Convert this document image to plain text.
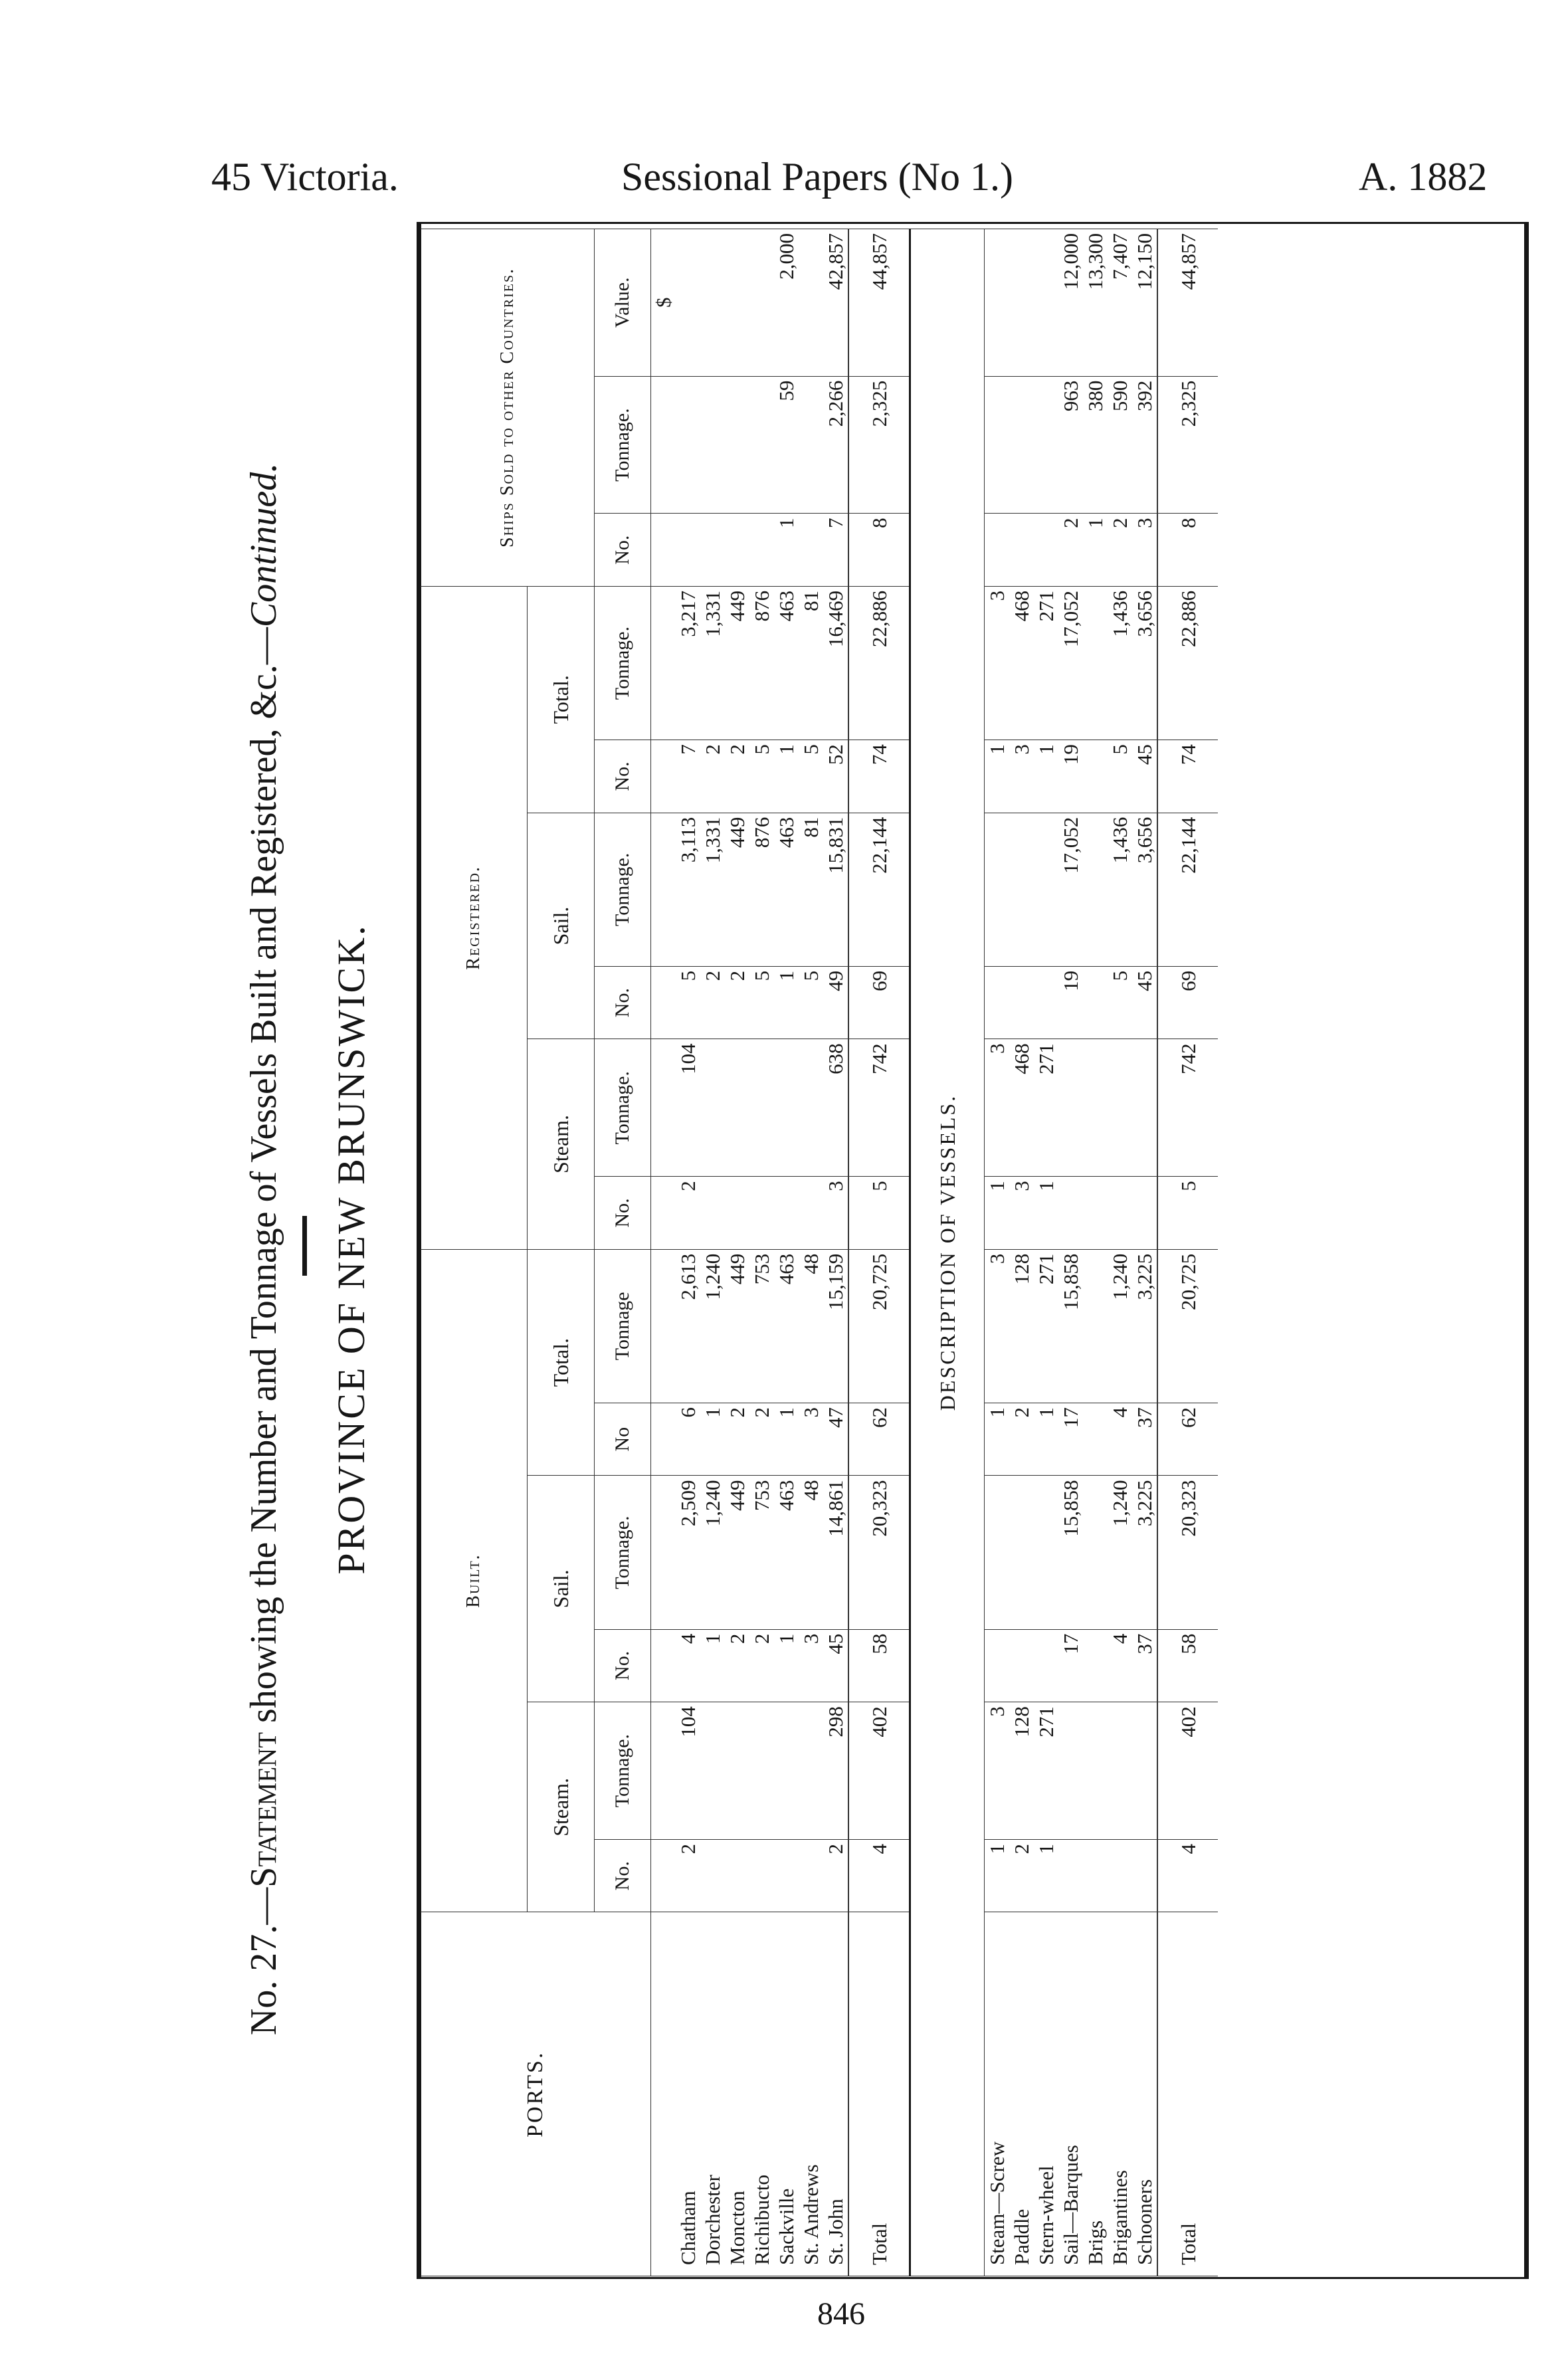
45 Victoria.	Sessional Papers (No 1.)	A. 1882
No. 27.—Statement showing the Number and Tonnage of Vessels Built and Registered, &c.—Continued.
PROVINCE OF NEW BRUNSWICK.
PORTS.	Built.						Registered.						Ships Sold to other Countries.		
	Steam.		Sail.		Total.		Steam.		Sail.		Total.				
	No.	Tonnage.	No.	Tonnage.	No	Tonnage	No.	Tonnage.	No.	Tonnage.	No.	Tonnage.	No.	Tonnage.	Value.
															$
Chatham	2	104	4	2,509	6	2,613	2	104	5	3,113	7	3,217			
Dorchester			1	1,240	1	1,240			2	1,331	2	1,331			
Moncton			2	449	2	449			2	449	2	449			
Richibucto			2	753	2	753			5	876	5	876			
Sackville			1	463	1	463			1	463	1	463	1	59	2,000
St. Andrews			3	48	3	48			5	81	5	81			
St. John	2	298	45	14,861	47	15,159	3	638	49	15,831	52	16,469	7	2,266	42,857
Total	4	402	58	20,323	62	20,725	5	742	69	22,144	74	22,886	8	2,325	44,857
DESCRIPTION OF VESSELS.															
Steam—Screw	1	3			1	3	1	3			1	3			
Paddle	2	128			2	128	3	468			3	468			
Stern-wheel	1	271			1	271	1	271			1	271			
Sail—Barques			17	15,858	17	15,858			19	17,052	19	17,052	2	963	12,000
Brigs													1	380	13,300
Brigantines			4	1,240	4	1,240			5	1,436	5	1,436	2	590	7,407
Schooners			37	3,225	37	3,225			45	3,656	45	3,656	3	392	12,150
Total	4	402	58	20,323	62	20,725	5	742	69	22,144	74	22,886	8	2,325	44,857
846
